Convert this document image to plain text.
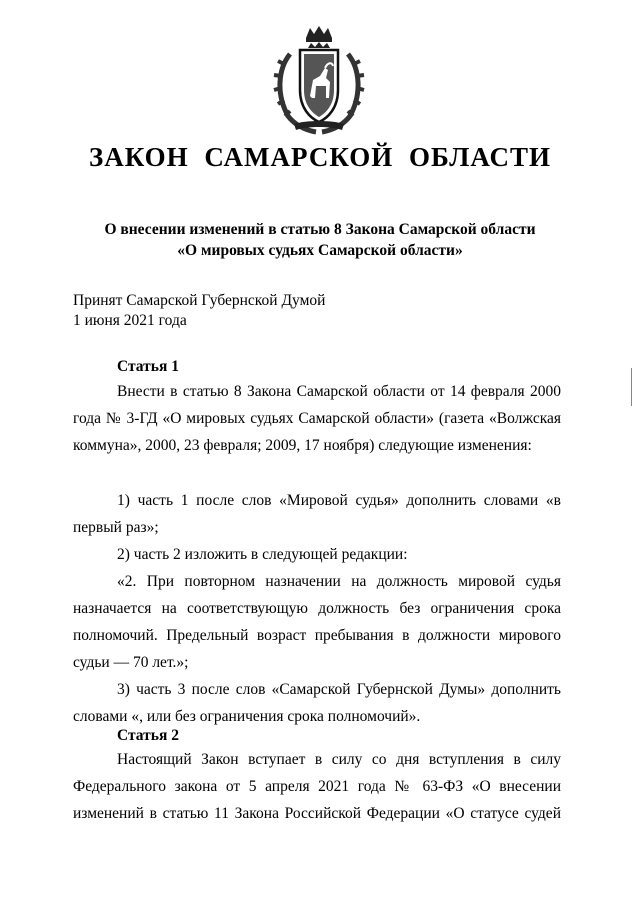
ЗАКОН САМАРСКОЙ ОБЛАСТИ
О внесении изменений в статью 8 Закона Самарской области
«О мировых судьях Самарской области»
Принят Самарской Губернской Думой
1 июня 2021 года
Статья 1
Внести в статью 8 Закона Самарской области от 14 февраля 2000 года № 3-ГД «О мировых судьях Самарской области» (газета «Волжская коммуна», 2000, 23 февраля; 2009, 17 ноября) следующие изменения:
1) часть 1 после слов «Мировой судья» дополнить словами «в первый раз»;
2) часть 2 изложить в следующей редакции:
«2. При повторном назначении на должность мировой судья назначается на соответствующую должность без ограничения срока полномочий. Предельный возраст пребывания в должности мирового судьи — 70 лет.»;
3) часть 3 после слов «Самарской Губернской Думы» дополнить словами «, или без ограничения срока полномочий».
Статья 2
Настоящий Закон вступает в силу со дня вступления в силу Федерального закона от 5 апреля 2021 года № 63-ФЗ «О внесении изменений в статью 11 Закона Российской Федерации «О статусе судей
